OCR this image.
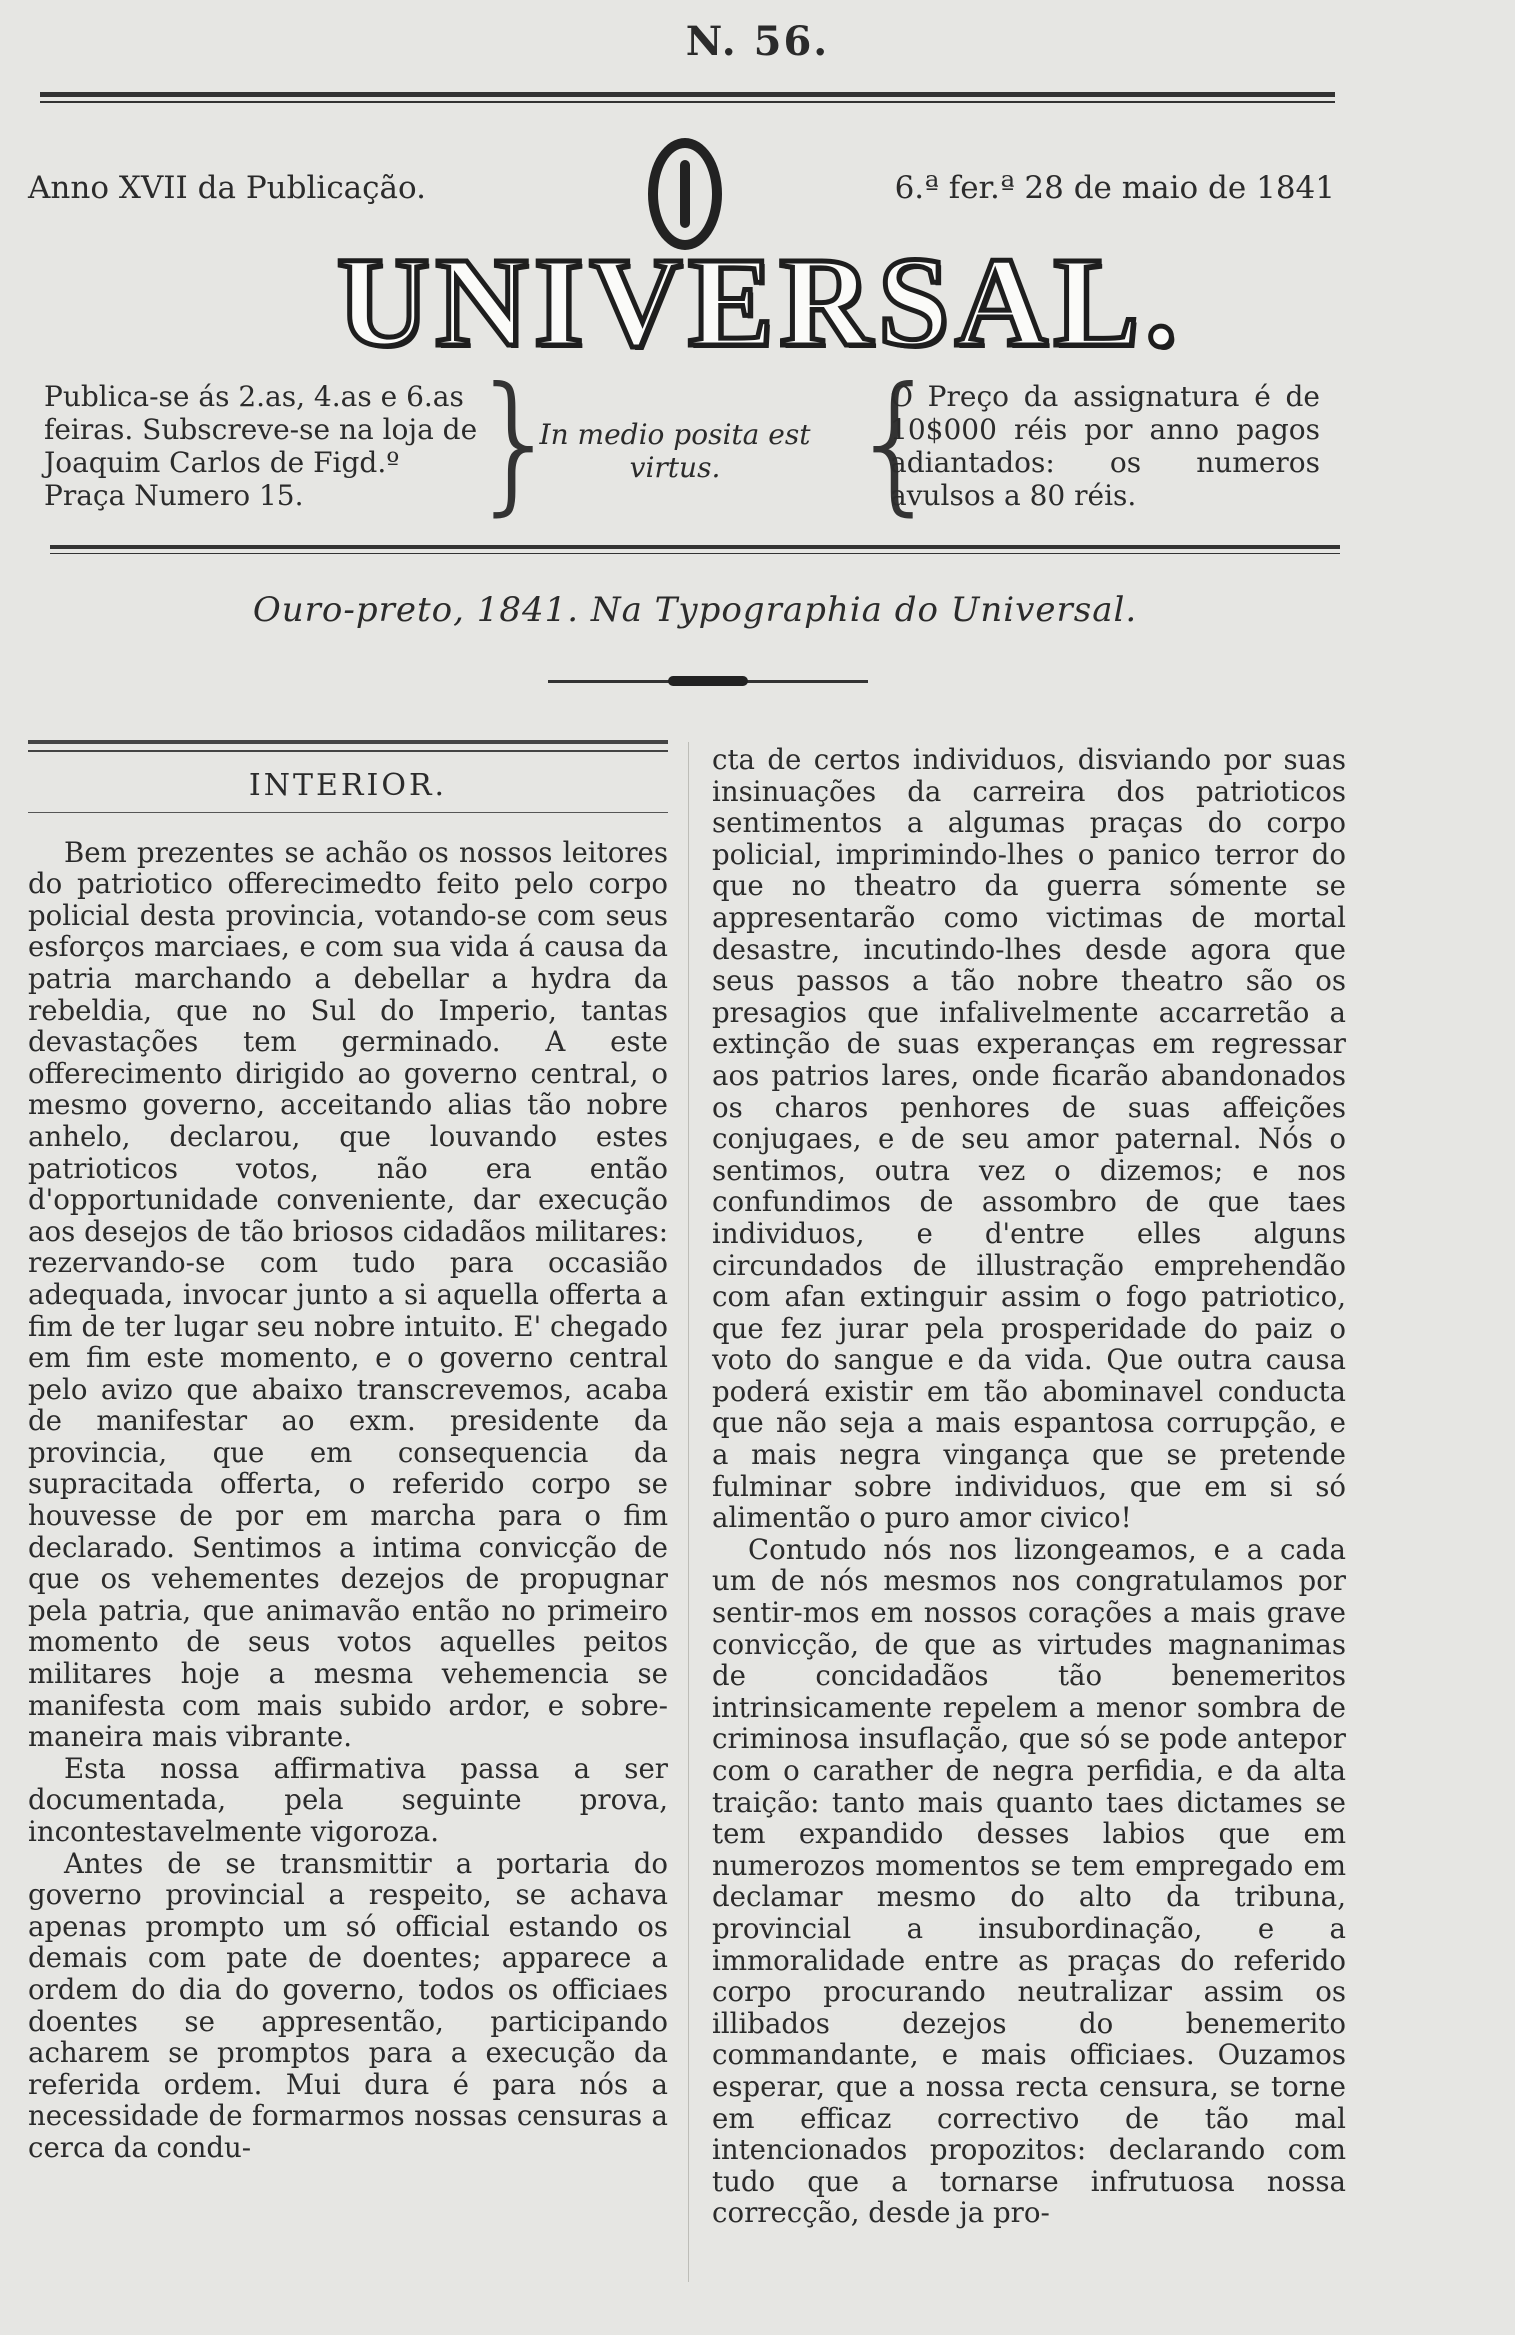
N. 56.
Anno XVII da Publicação.	6.ª fer.ª 28 de maio de 1841
UNIVERSAL.
Publica-se ás 2.as, 4.as e 6.as feiras. Subscreve-se na loja de Joaquim Carlos de Figd.º Praça Numero 15.	}
In medio posita est virtus. {
O Preço da assignatura é de 10$000 réis por anno pagos adiantados: os numeros avulsos a 80 réis.
Ouro-preto, 1841. Na Typographia do Universal.
INTERIOR.

Bem prezentes se achão os nossos leitores do patriotico offerecimedto feito pelo corpo policial desta provincia, votando-se com seus esforços marciaes, e com sua vida á causa da patria marchando a debellar a hydra da rebeldia, que no Sul do Imperio, tantas devastações tem germinado. A este offerecimento dirigido ao governo central, o mesmo governo, acceitando alias tão nobre anhelo, declarou, que louvando estes patrioticos votos, não era então d'opportunidade conveniente, dar execução aos desejos de tão briosos cidadãos militares: rezervando-se com tudo para occasião adequada, invocar junto a si aquella offerta a fim de ter lugar seu nobre intuito. E' chegado em fim este momento, e o governo central pelo avizo que abaixo transcrevemos, acaba de manifestar ao exm. presidente da provincia, que em consequencia da supracitada offerta, o referido corpo se houvesse de por em marcha para o fim declarado. Sentimos a intima convicção de que os vehementes dezejos de propugnar pela patria, que animavão então no primeiro momento de seus votos aquelles peitos militares hoje a mesma vehemencia se manifesta com mais subido ardor, e sobre-maneira mais vibrante.

Esta nossa affirmativa passa a ser documentada, pela seguinte prova, incontestavelmente vigoroza.

Antes de se transmittir a portaria do governo provincial a respeito, se achava apenas prompto um só official estando os demais com pate de doentes; apparece a ordem do dia do governo, todos os officiaes doentes se appresentão, participando acharem se promptos para a execução da referida ordem. Mui dura é para nós a necessidade de formarmos nossas censuras a cerca da condu-

cta de certos individuos, disviando por suas insinuações da carreira dos patrioticos sentimentos a algumas praças do corpo policial, imprimindo-lhes o panico terror do que no theatro da guerra sómente se appresentarão como victimas de mortal desastre, incutindo-lhes desde agora que seus passos a tão nobre theatro são os presagios que infalivelmente accarretão a extinção de suas experanças em regressar aos patrios lares, onde ficarão abandonados os charos penhores de suas affeições conjugaes, e de seu amor paternal. Nós o sentimos, outra vez o dizemos; e nos confundimos de assombro de que taes individuos, e d'entre elles alguns circundados de illustração emprehendão com afan extinguir assim o fogo patriotico, que fez jurar pela prosperidade do paiz o voto do sangue e da vida. Que outra causa poderá existir em tão abominavel conducta que não seja a mais espantosa corrupção, e a mais negra vingança que se pretende fulminar sobre individuos, que em si só alimentão o puro amor civico!

Contudo nós nos lizongeamos, e a cada um de nós mesmos nos congratulamos por sentir-mos em nossos corações a mais grave convicção, de que as virtudes magnanimas de concidadãos tão benemeritos intrinsicamente repelem a menor sombra de criminosa insuflação, que só se pode antepor com o carather de negra perfidia, e da alta traição: tanto mais quanto taes dictames se tem expandido desses labios que em numerozos momentos se tem empregado em declamar mesmo do alto da tribuna, provincial a insubordinação, e a immoralidade entre as praças do referido corpo procurando neutralizar assim os illibados dezejos do benemerito commandante, e mais officiaes. Ouzamos esperar, que a nossa recta censura, se torne em efficaz correctivo de tão mal intencionados propozitos: declarando com tudo que a tornarse infrutuosa nossa correcção, desde ja pro-
